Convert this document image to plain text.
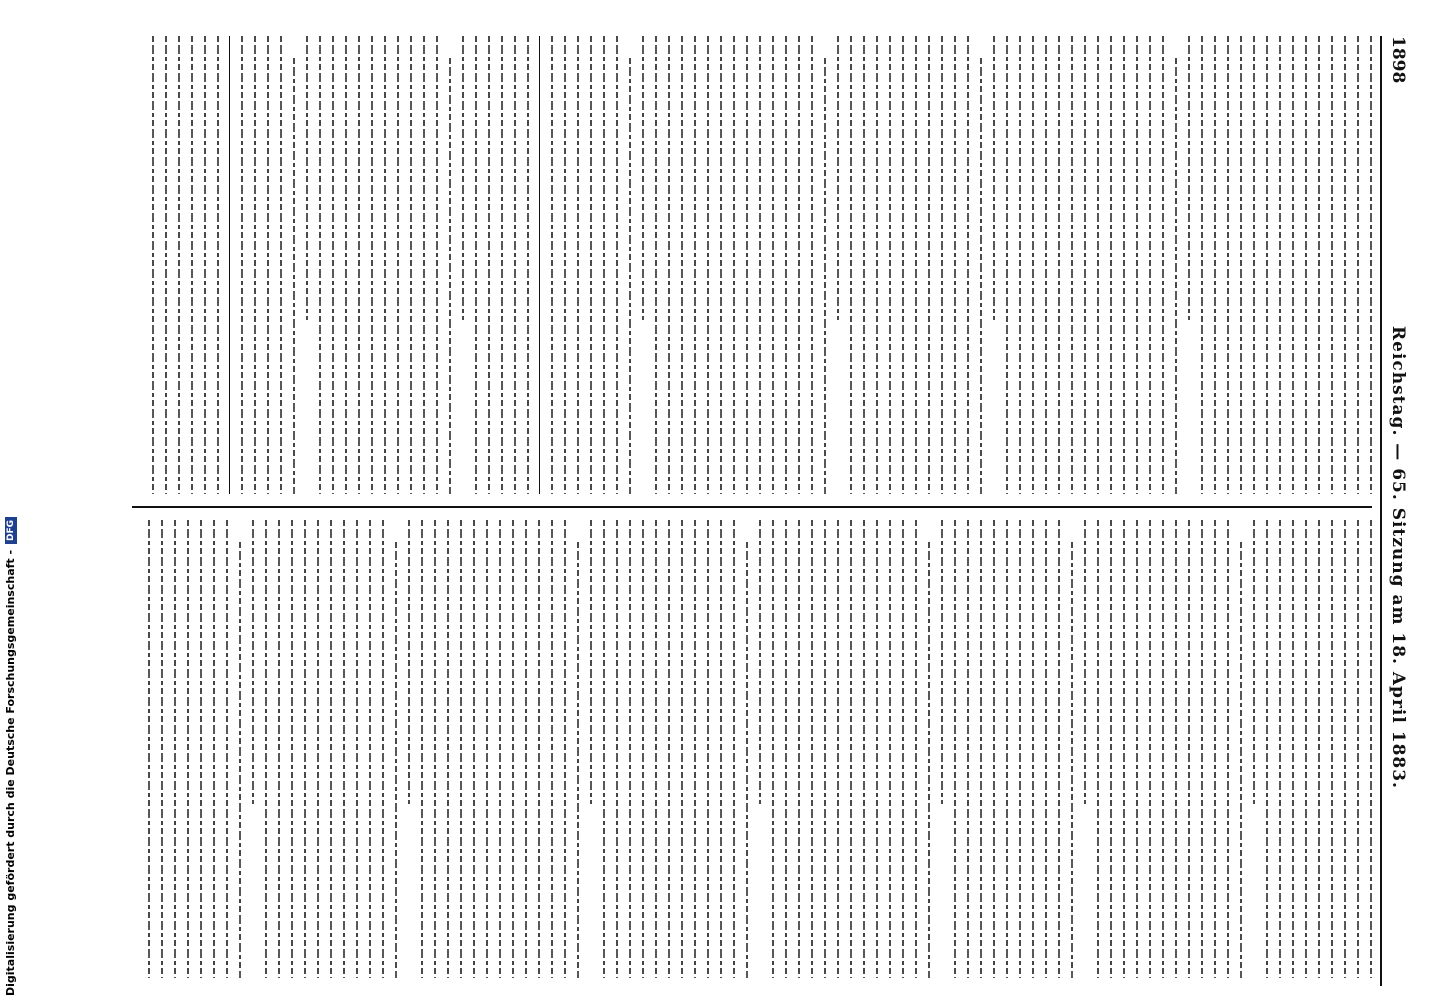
1898
Reichstag. — 65. Sitzung am 18. April 1883.
Digitalisierung gefördert durch die Deutsche Forschungsgemeinschaft -
DFG
